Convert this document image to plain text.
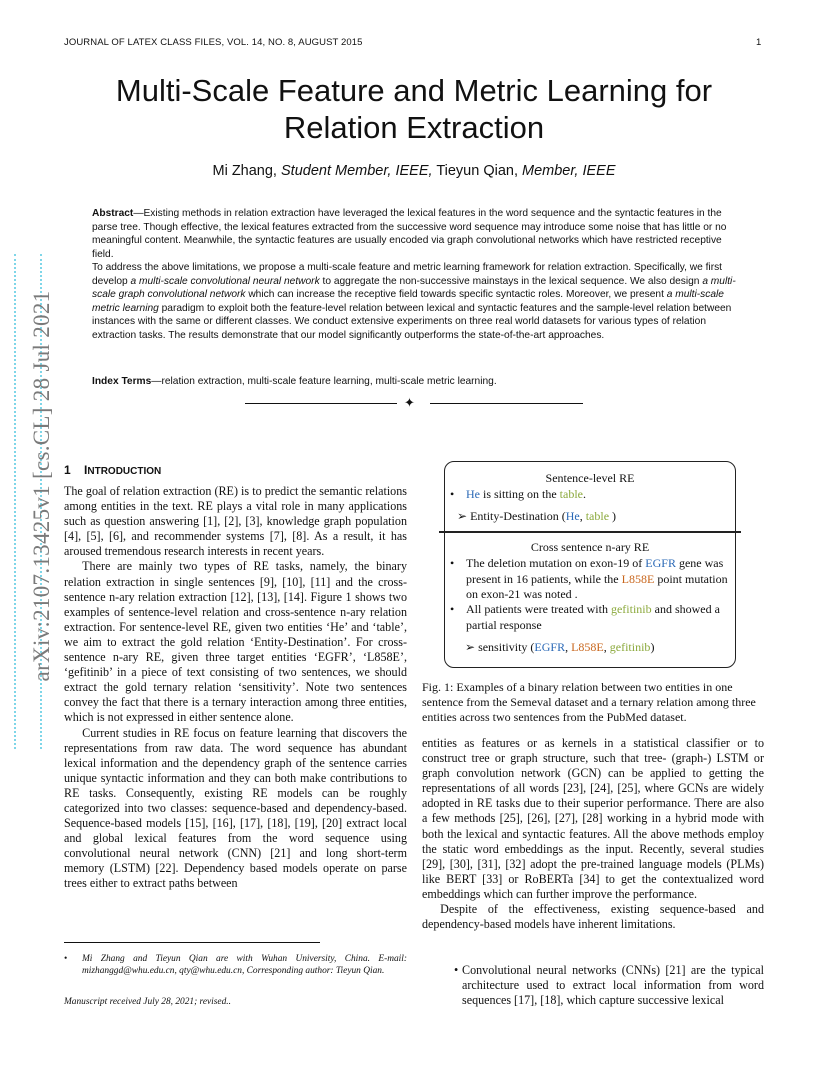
JOURNAL OF LATEX CLASS FILES, VOL. 14, NO. 8, AUGUST 2015	1
Multi-Scale Feature and Metric Learning for Relation Extraction
Mi Zhang, Student Member, IEEE, Tieyun Qian, Member, IEEE

Abstract—Existing methods in relation extraction have leveraged the lexical features in the word sequence and the syntactic features in the parse tree. Though effective, the lexical features extracted from the successive word sequence may introduce some noise that has little or no meaningful content. Meanwhile, the syntactic features are usually encoded via graph convolutional networks which have restricted receptive field.

To address the above limitations, we propose a multi-scale feature and metric learning framework for relation extraction. Specifically, we first develop a multi-scale convolutional neural network to aggregate the non-successive mainstays in the lexical sequence. We also design a multi-scale graph convolutional network which can increase the receptive field towards specific syntactic roles. Moreover, we present a multi-scale metric learning paradigm to exploit both the feature-level relation between lexical and syntactic features and the sample-level relation between instances with the same or different classes. We conduct extensive experiments on three real world datasets for various types of relation extraction tasks. The results demonstrate that our model significantly outperforms the state-of-the-art approaches.

Index Terms—relation extraction, multi-scale feature learning, multi-scale metric learning.
✦
arXiv:2107.13425v1 [cs.CL] 28 Jul 2021 1 INTRODUCTION

The goal of relation extraction (RE) is to predict the semantic relations among entities in the text. RE plays a vital role in many applications such as question answering [1], [2], [3], knowledge graph population [4], [5], [6], and recommender systems [7], [8]. As a result, it has aroused tremendous research interests in recent years.

There are mainly two types of RE tasks, namely, the binary relation extraction in single sentences [9], [10], [11] and the cross-sentence n-ary relation extraction [12], [13], [14]. Figure 1 shows two examples of sentence-level relation and cross-sentence n-ary relation extraction. For sentence-level RE, given two entities ‘He’ and ‘table’, we aim to extract the gold relation ‘Entity-Destination’. For cross-sentence n-ary RE, given three target entities ‘EGFR’, ‘L858E’, ‘gefitinib’ in a piece of text consisting of two sentences, we should extract the gold ternary relation ‘sensitivity’. Note two sentences convey the fact that there is a ternary interaction among three entities, which is not expressed in either sentence alone.

Current studies in RE focus on feature learning that discovers the representations from raw data. The word sequence has abundant lexical information and the dependency graph of the sentence carries unique syntactic information and they can both make contributions to RE tasks. Consequently, existing RE models can be roughly categorized into two classes: sequence-based and dependency-based. Sequence-based models [15], [16], [17], [18], [19], [20] extract local and global lexical features from the word sequence using convolutional neural network (CNN) [21] and long short-term memory (LSTM) [22]. Dependency based models operate on parse trees either to extract paths between

• Mi Zhang and Tieyun Qian are with Wuhan University, China. E-mail: mizhanggd@whu.edu.cn, qty@whu.edu.cn, Corresponding author: Tieyun Qian.
Manuscript received July 28, 2021; revised..
Sentence-level RE
• He is sitting on the table.
➢ Entity-Destination (He, table )
Cross sentence n-ary RE
• The deletion mutation on exon-19 of EGFR gene was present in 16 patients, while the L858E point mutation on exon-21 was noted .
• All patients were treated with gefitinib and showed a partial response
➢ sensitivity (EGFR, L858E, gefitinib)
Fig. 1: Examples of a binary relation between two entities in one sentence from the Semeval dataset and a ternary relation among three entities across two sentences from the PubMed dataset.

entities as features or as kernels in a statistical classifier or to construct tree or graph structure, such that tree- (graph-) LSTM or graph convolution network (GCN) can be applied to getting the representations of all words [23], [24], [25], where GCNs are widely adopted in RE tasks due to their superior performance. There are also a few methods [25], [26], [27], [28] working in a hybrid mode with both the lexical and syntactic features. All the above methods employ the static word embeddings as the input. Recently, several studies [29], [30], [31], [32] adopt the pre-trained language models (PLMs) like BERT [33] or RoBERTa [34] to get the contextualized word embeddings which can further improve the performance.

Despite of the effectiveness, existing sequence-based and dependency-based models have inherent limitations.

• Convolutional neural networks (CNNs) [21] are the typical architecture used to extract local information from word sequences [17], [18], which capture successive lexical
